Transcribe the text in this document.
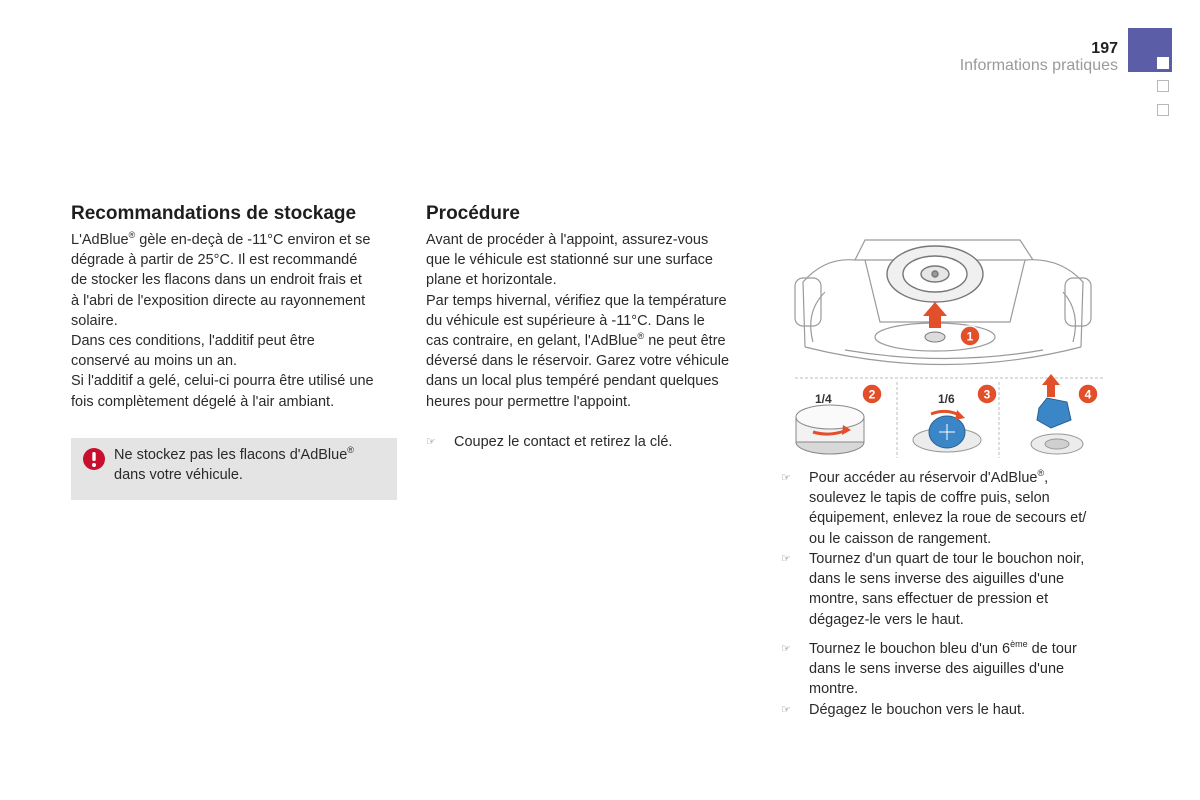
197
Informations pratiques
Recommandations de stockage

L'AdBlue® gèle en-deçà de -11°C environ et se

dégrade à partir de 25°C. Il est recommandé

de stocker les flacons dans un endroit frais et

à l'abri de l'exposition directe au rayonnement

solaire.

Dans ces conditions, l'additif peut être

conservé au moins un an.

Si l'additif a gelé, celui-ci pourra être utilisé une

fois complètement dégelé à l'air ambiant.

Ne stockez pas les flacons d'AdBlue®
dans votre véhicule.
Procédure

Avant de procéder à l'appoint, assurez-vous

que le véhicule est stationné sur une surface

plane et horizontale.

Par temps hivernal, vérifiez que la température

du véhicule est supérieure à -11°C. Dans le

cas contraire, en gelant, l'AdBlue® ne peut être

déversé dans le réservoir. Garez votre véhicule

dans un local plus tempéré pendant quelques

heures pour permettre l'appoint.

☞ Coupez le contact et retirez la clé.

1/4	1/6
1
2	3	4
☞ Pour accéder au réservoir d'AdBlue®,
soulevez le tapis de coffre puis, selon
équipement, enlevez la roue de secours et/
ou le caisson de rangement.
☞ Tournez d'un quart de tour le bouchon noir,
dans le sens inverse des aiguilles d'une
montre, sans effectuer de pression et
dégagez-le vers le haut.
☞ Tournez le bouchon bleu d'un 6ème de tour
dans le sens inverse des aiguilles d'une
montre.
☞ Dégagez le bouchon vers le haut.
